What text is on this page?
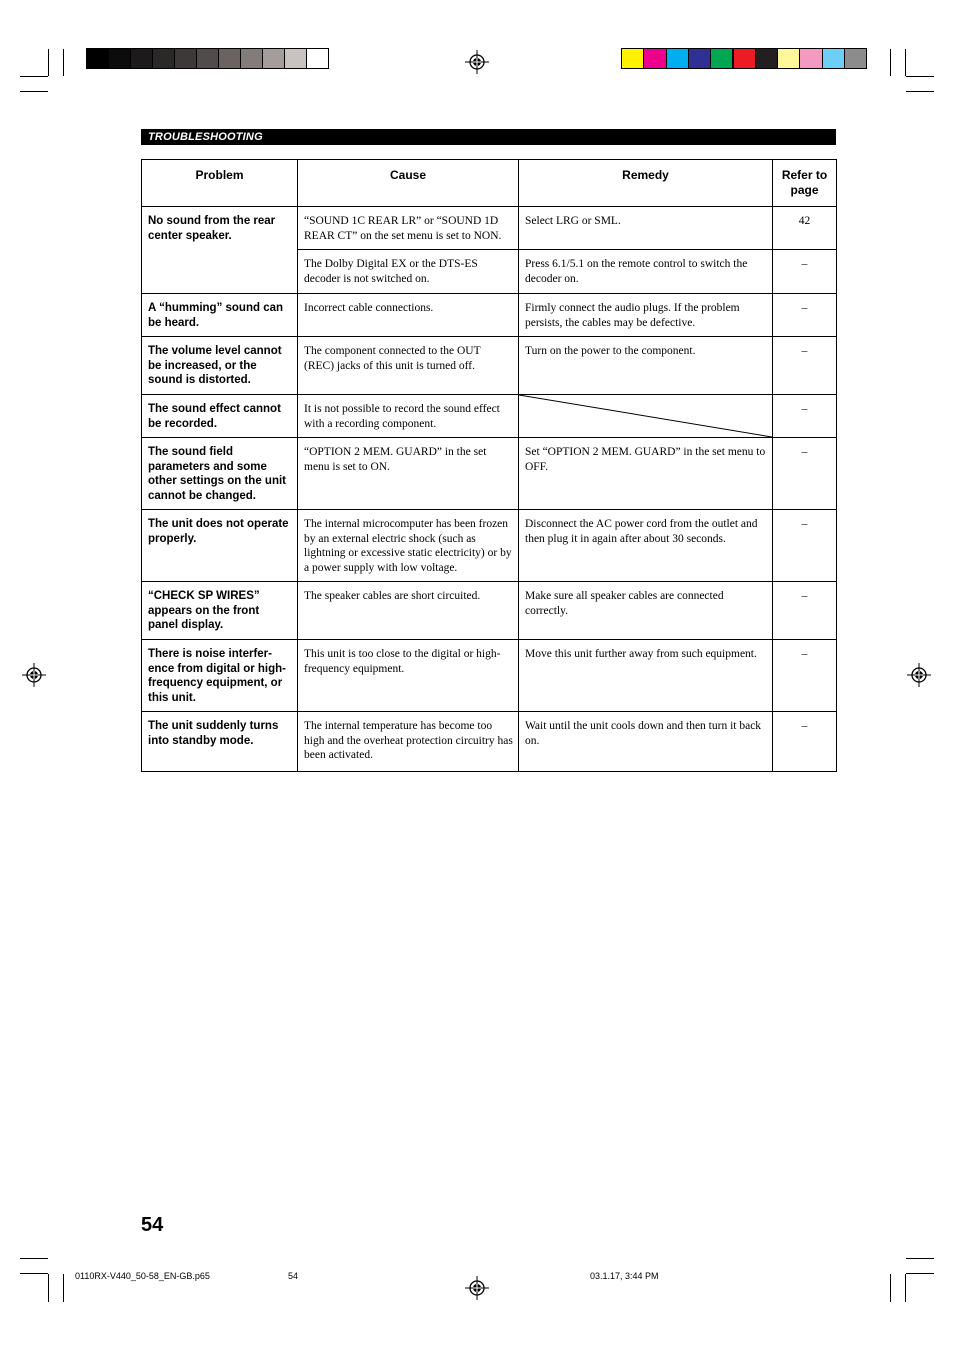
TROUBLESHOOTING
Problem	Cause	Remedy	Refer to page
No sound from the rear center speaker.	“SOUND 1C REAR LR” or “SOUND 1D REAR CT” on the set menu is set to NON.	Select LRG or SML.	42
	The Dolby Digital EX or the DTS-ES decoder is not switched on.	Press 6.1/5.1 on the remote control to switch the decoder on.	–
A “humming” sound can be heard.	Incorrect cable connections.	Firmly connect the audio plugs. If the problem persists, the cables may be defective.	–
The volume level cannot be increased, or the sound is distorted.	The component connected to the OUT (REC) jacks of this unit is turned off.	Turn on the power to the component.	–
The sound effect cannot be recorded.	It is not possible to record the sound effect with a recording component.		–
The sound field parameters and some other settings on the unit cannot be changed.	“OPTION 2 MEM. GUARD” in the set menu is set to ON.	Set “OPTION 2 MEM. GUARD” in the set menu to OFF.	–
The unit does not operate properly.	The internal microcomputer has been frozen by an external electric shock (such as lightning or excessive static electricity) or by a power supply with low voltage.	Disconnect the AC power cord from the outlet and then plug it in again after about 30 seconds.	–
“CHECK SP WIRES” appears on the front panel display.	The speaker cables are short circuited.	Make sure all speaker cables are connected correctly.	–
There is noise interfer-ence from digital or high-frequency equipment, or this unit.	This unit is too close to the digital or high-frequency equipment.	Move this unit further away from such equipment.	–
The unit suddenly turns into standby mode.	The internal temperature has become too high and the overheat protection circuitry has been activated.	Wait until the unit cools down and then turn it back on.	–
54
0110RX-V440_50-58_EN-GB.p65	54	03.1.17, 3:44 PM
